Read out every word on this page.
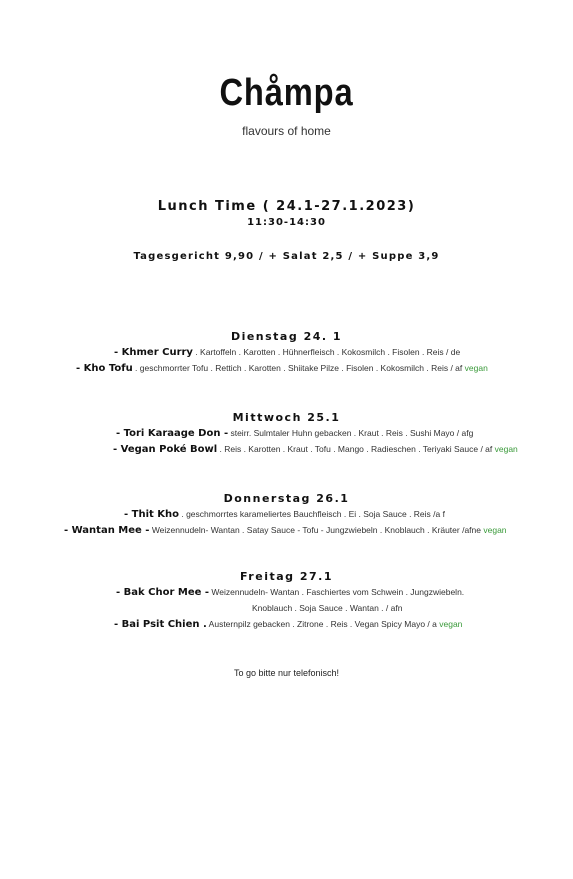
Chåmpa
flavours of home
Lunch Time ( 24.1-27.1.2023)
11:30-14:30
Tagesgericht 9,90 / + Salat 2,5 / + Suppe 3,9
Dienstag 24. 1
- Khmer Curry . Kartoffeln . Karotten . Hühnerfleisch . Kokosmilch . Fisolen . Reis / de
- Kho Tofu . geschmorrter Tofu . Rettich . Karotten . Shiitake Pilze . Fisolen . Kokosmilch . Reis / af vegan
Mittwoch 25.1
- Tori Karaage Don - steirr. Sulmtaler Huhn gebacken . Kraut . Reis . Sushi Mayo / afg
- Vegan Poké Bowl . Reis . Karotten . Kraut . Tofu . Mango . Radieschen . Teriyaki Sauce / af vegan
Donnerstag 26.1
- Thit Kho . geschmorrtes karameliertes Bauchfleisch . Ei . Soja Sauce . Reis /a f
- Wantan Mee - Weizennudeln- Wantan . Satay Sauce - Tofu - Jungzwiebeln . Knoblauch . Kräuter /afne vegan
Freitag 27.1
- Bak Chor Mee - Weizennudeln- Wantan . Faschiertes vom Schwein . Jungzwiebeln.
Knoblauch . Soja Sauce . Wantan . / afn
- Bai Psit Chien . Austernpilz gebacken . Zitrone . Reis . Vegan Spicy Mayo / a vegan
To go bitte nur telefonisch!
